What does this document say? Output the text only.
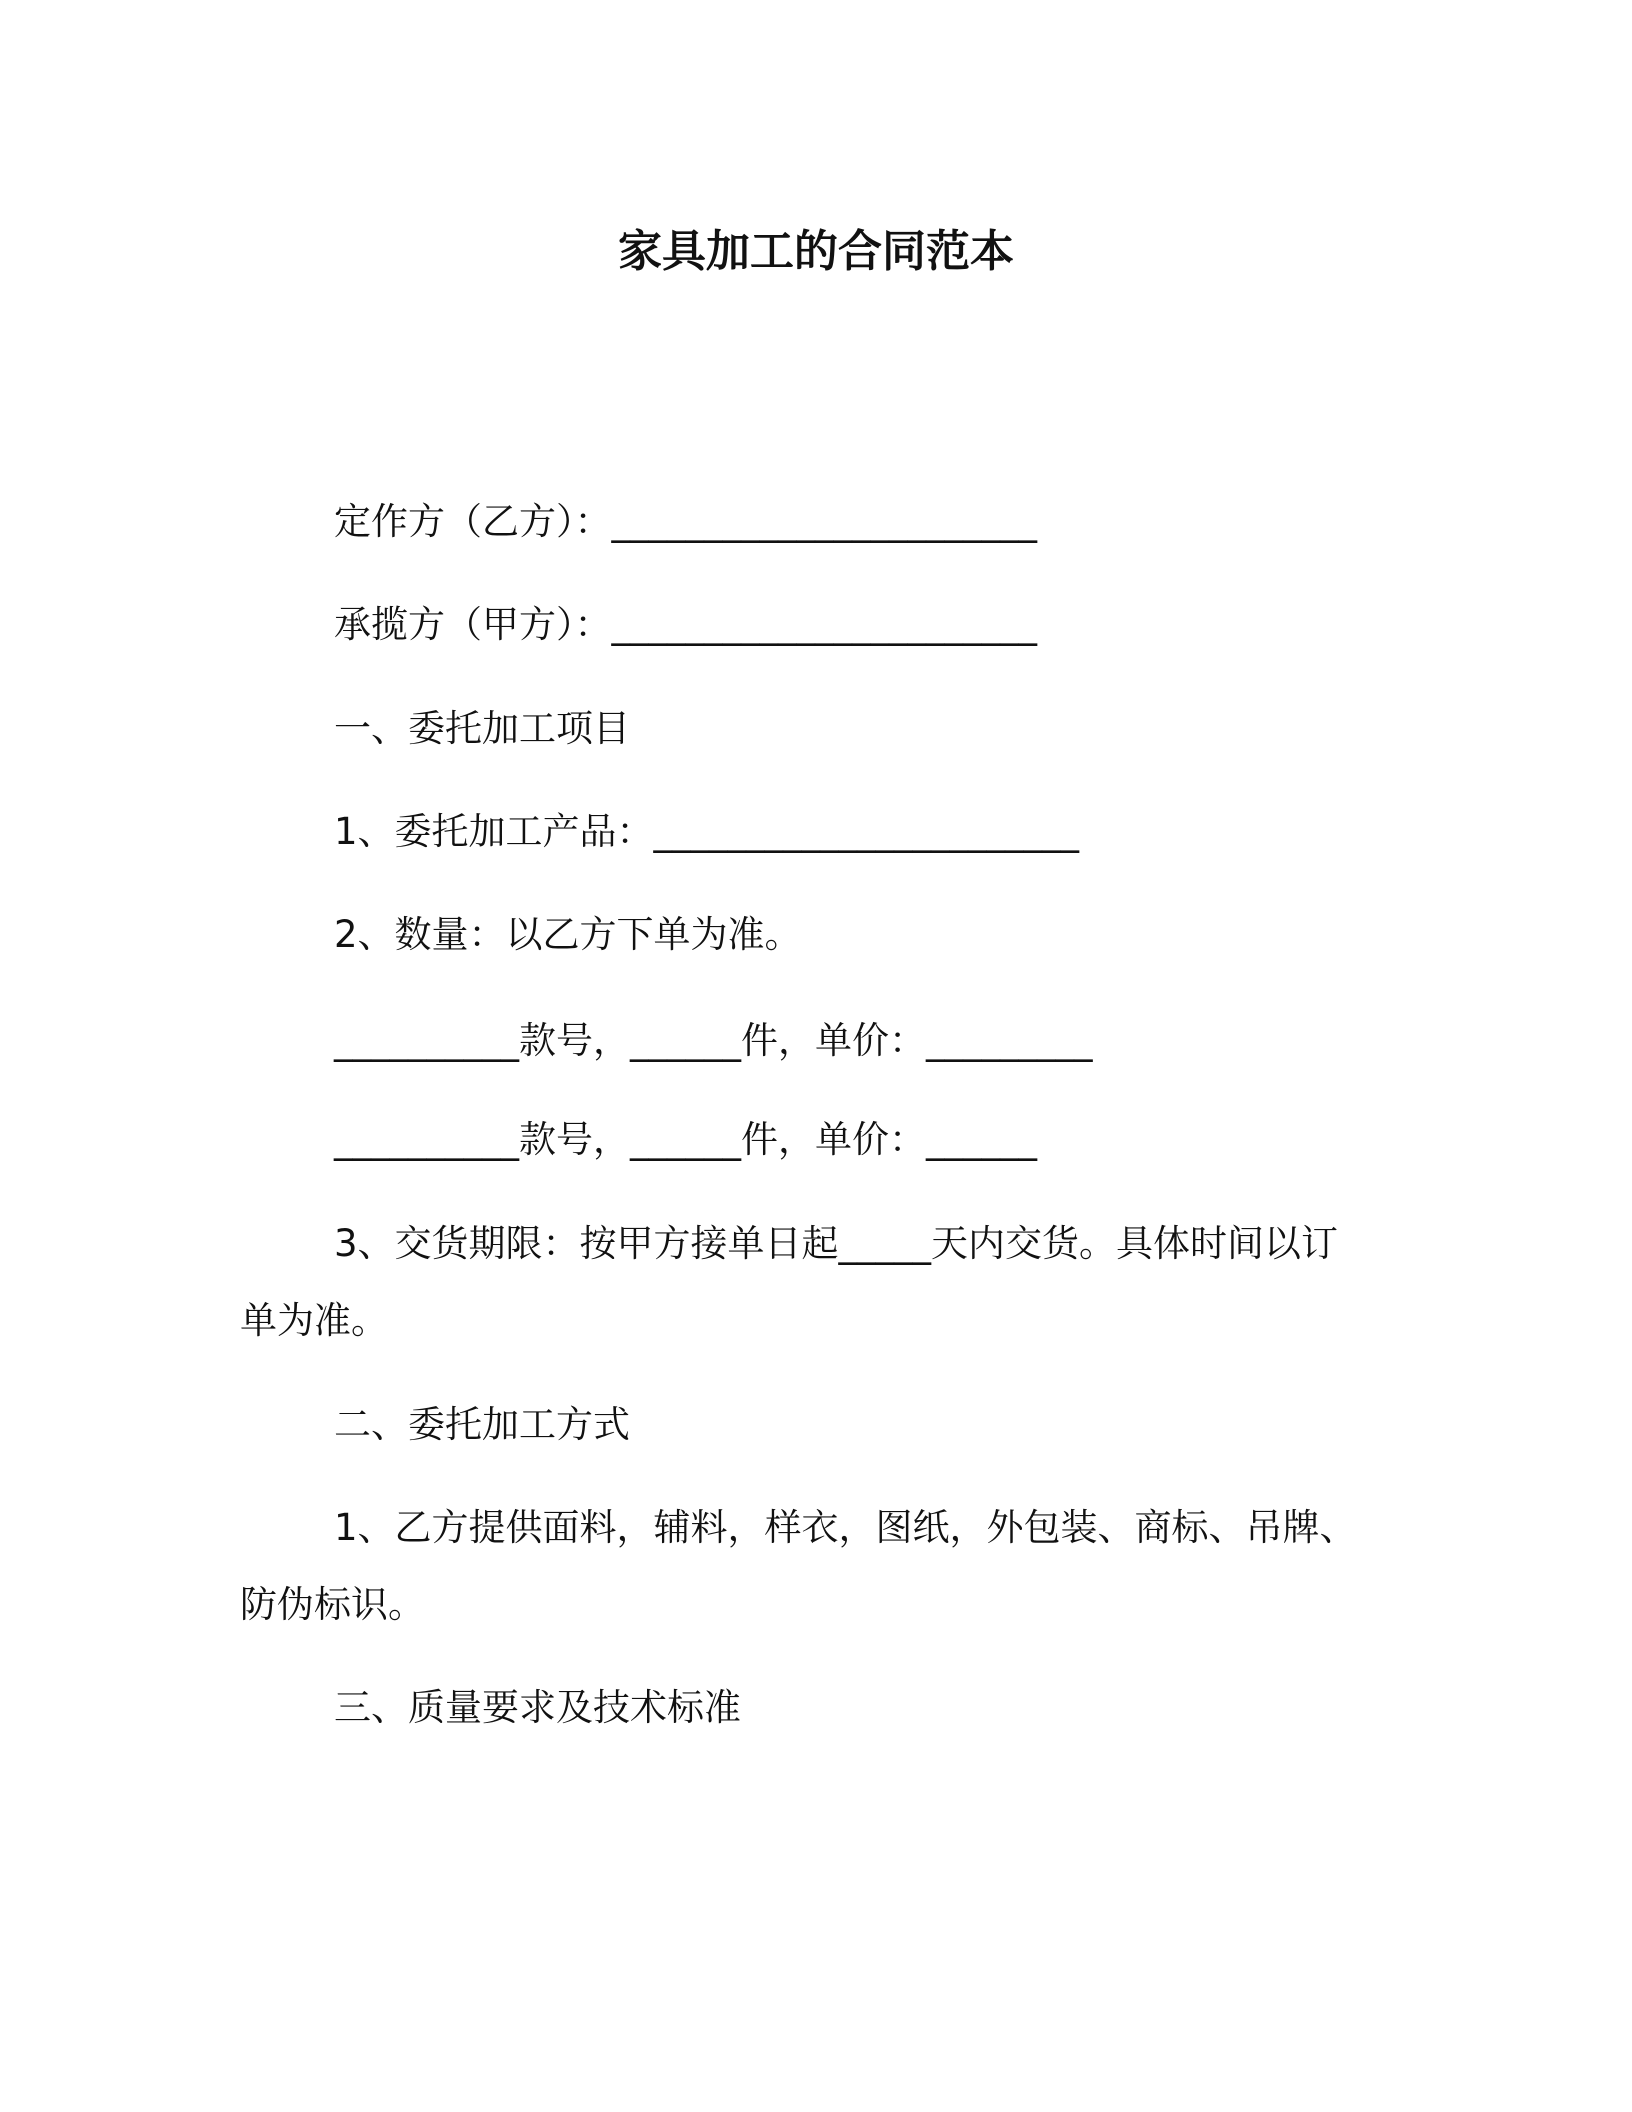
家具加工的合同范本

定作方（乙方）：_______________________

承揽方（甲方）：_______________________

一、委托加工项目

1、委托加工产品：_______________________

2、数量：以乙方下单为准。

__________款号，______件，单价：_________

__________款号，______件，单价：______

3、交货期限：按甲方接单日起_____天内交货。具体时间以订

单为准。

二、委托加工方式

1、乙方提供面料，辅料，样衣，图纸，外包装、商标、吊牌、

防伪标识。

三、质量要求及技术标准
